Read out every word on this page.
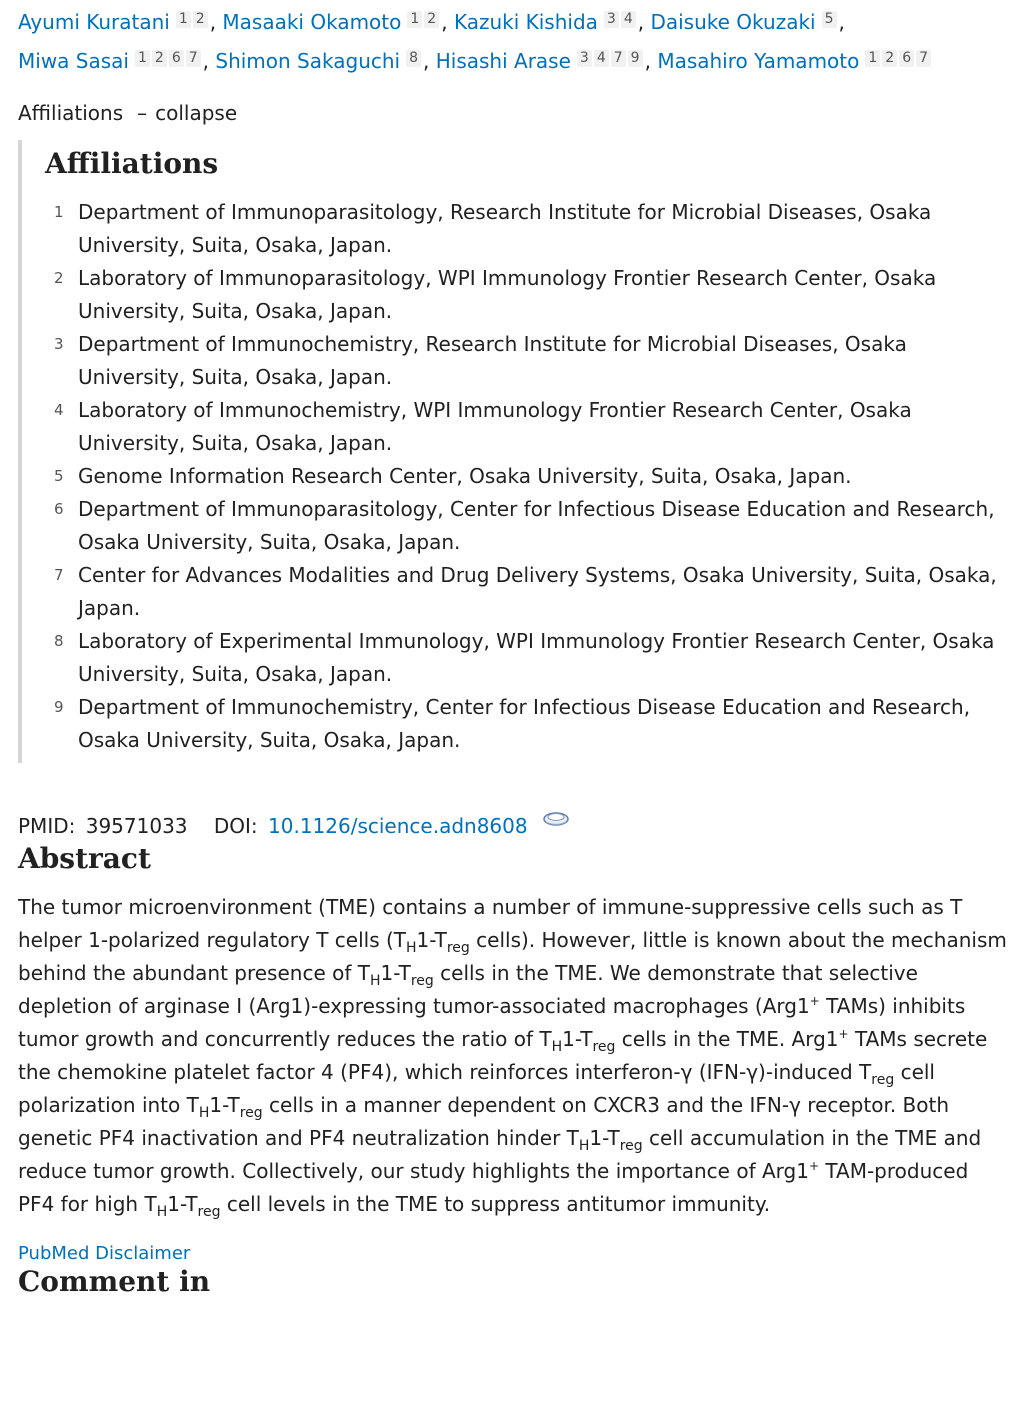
Ayumi Kuratani 1 2 , Masaaki Okamoto 1 2 , Kazuki Kishida 3 4 , Daisuke Okuzaki 5 ,
Miwa Sasai 1 2 6 7 , Shimon Sakaguchi 8 , Hisashi Arase 3 4 7 9 , Masahiro Yamamoto 1 2 6 7
Affiliations – collapse
Affiliations
1 Department of Immunoparasitology, Research Institute for Microbial Diseases, Osaka University, Suita, Osaka, Japan.
2 Laboratory of Immunoparasitology, WPI Immunology Frontier Research Center, Osaka University, Suita, Osaka, Japan.
3 Department of Immunochemistry, Research Institute for Microbial Diseases, Osaka University, Suita, Osaka, Japan.
4 Laboratory of Immunochemistry, WPI Immunology Frontier Research Center, Osaka University, Suita, Osaka, Japan.
5 Genome Information Research Center, Osaka University, Suita, Osaka, Japan.
6 Department of Immunoparasitology, Center for Infectious Disease Education and Research, Osaka University, Suita, Osaka, Japan.
7 Center for Advances Modalities and Drug Delivery Systems, Osaka University, Suita, Osaka, Japan.
8 Laboratory of Experimental Immunology, WPI Immunology Frontier Research Center, Osaka University, Suita, Osaka, Japan.
9 Department of Immunochemistry, Center for Infectious Disease Education and Research, Osaka University, Suita, Osaka, Japan.
PMID: 39571033 DOI: 10.1126/science.adn8608
Abstract
The tumor microenvironment (TME) contains a number of immune-suppressive cells such as T helper 1-polarized regulatory T cells ($T_H1-T_{reg}$ cells). However, little is known about the mechanism behind the abundant presence of $T_H1-T_{reg}$ cells in the TME. We demonstrate that selective depletion of arginase I (Arg1)-expressing tumor-associated macrophages (Arg1+ TAMs) inhibits tumor growth and concurrently reduces the ratio of $T_H1-T_{reg}$ cells in the TME. Arg1+ TAMs secrete the chemokine platelet factor 4 (PF4), which reinforces interferon-γ (IFN-γ)-induced $T_{reg}$ cell polarization into $T_H1-T_{reg}$ cells in a manner dependent on CXCR3 and the IFN-γ receptor. Both genetic PF4 inactivation and PF4 neutralization hinder $T_H1-T_{reg}$ cell accumulation in the TME and reduce tumor growth. Collectively, our study highlights the importance of Arg1+ TAM-produced PF4 for high $T_H1-T_{reg}$ cell levels in the TME to suppress antitumor immunity.
PubMed Disclaimer
Comment in
